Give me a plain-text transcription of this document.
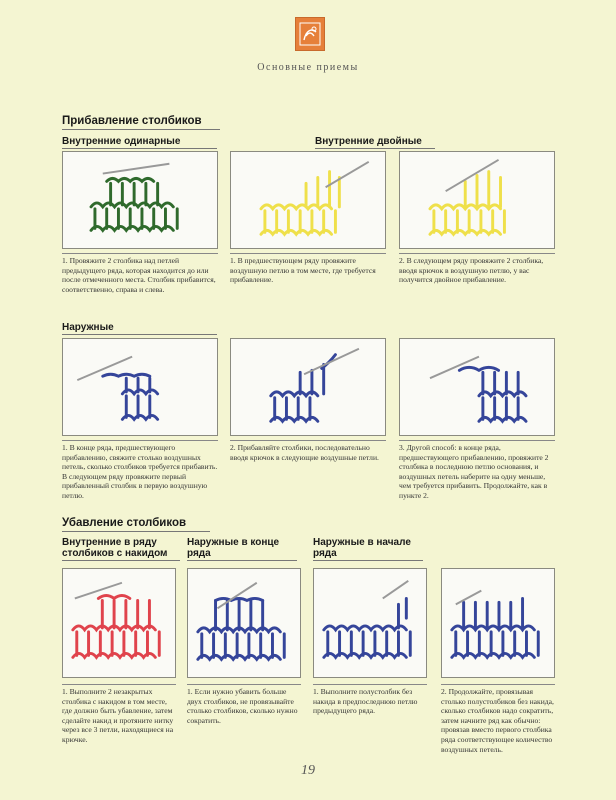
Основные приемы
Прибавление столбиков
Внутренние одинарные	Внутренние двойные
1. Провяжите 2 столбика над петлей предыдущего ряда, которая находится до или после отмеченного места. Столбик прибавится, соответственно, справа и слева.
1. В предшествующем ряду провяжите воздушную петлю в том месте, где требуется прибавление.
2. В следующем ряду провяжите 2 столбика, вводя крючок в воздушную петлю, у вас получится двойное прибавление.
Наружные
1. В конце ряда, предшествующего прибавлению, свяжите столько воздушных петель, сколько столбиков требуется прибавить. В следующем ряду провяжите первый прибавленный столбик в первую воздушную петлю.
2. Прибавляйте столбики, последовательно вводя крючок в следующие воздушные петли.
3. Другой способ: в конце ряда, предшествующего прибавлению, провяжите 2 столбика в последнюю петлю основания, и воздушных петель наберите на одну меньше, чем требуется прибавить. Продолжайте, как в пункте 2.
Убавление столбиков
Внутренние в ряду столбиков с накидом
Наружные в конце ряда
Наружные в начале ряда
1. Выполните 2 незакрытых столбика с накидом в том месте, где должно быть убавление, затем сделайте накид и протяните нитку через все 3 петли, находящиеся на крючке.
1. Если нужно убавить больше двух столбиков, не провязывайте столько столбиков, сколько нужно сократить.
1. Выполните полустолбик без накида в предпоследнюю петлю предыдущего ряда.
2. Продолжайте, провязывая столько полустолбиков без накида, сколько столбиков надо сократить, затем начните ряд как обычно: провязав вместо первого столбика ряда соответствующее количество воздушных петель.
19
